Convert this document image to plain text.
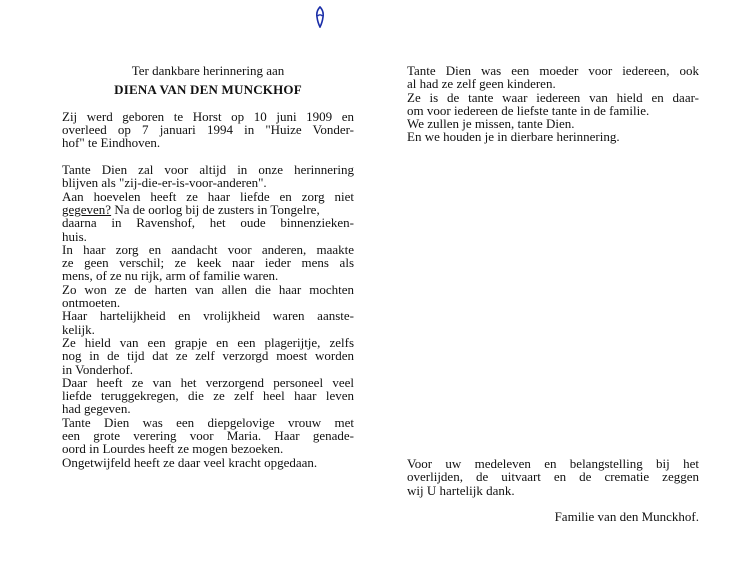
Ter dankbare herinnering aan
DIENA VAN DEN MUNCKHOF
Zij werd geboren te Horst op 10 juni 1909 en
overleed op 7 januari 1994 in "Huize Vonder-
hof" te Eindhoven.
Tante Dien zal voor altijd in onze herinnering
blijven als "zij-die-er-is-voor-anderen".
Aan hoevelen heeft ze haar liefde en zorg niet
gegeven? Na de oorlog bij de zusters in Tongelre,
daarna in Ravenshof, het oude binnenzieken-
huis.
In haar zorg en aandacht voor anderen, maakte
ze geen verschil; ze keek naar ieder mens als
mens, of ze nu rijk, arm of familie waren.
Zo won ze de harten van allen die haar mochten
ontmoeten.
Haar hartelijkheid en vrolijkheid waren aanste-
kelijk.
Ze hield van een grapje en een plagerijtje, zelfs
nog in de tijd dat ze zelf verzorgd moest worden
in Vonderhof.
Daar heeft ze van het verzorgend personeel veel
liefde teruggekregen, die ze zelf heel haar leven
had gegeven.
Tante Dien was een diepgelovige vrouw met
een grote verering voor Maria. Haar genade-
oord in Lourdes heeft ze mogen bezoeken.
Ongetwijfeld heeft ze daar veel kracht opgedaan.
Tante Dien was een moeder voor iedereen, ook
al had ze zelf geen kinderen.
Ze is de tante waar iedereen van hield en daar-
om voor iedereen de liefste tante in de familie.
We zullen je missen, tante Dien.
En we houden je in dierbare herinnering.
Voor uw medeleven en belangstelling bij het
overlijden, de uitvaart en de crematie zeggen
wij U hartelijk dank.
Familie van den Munckhof.
